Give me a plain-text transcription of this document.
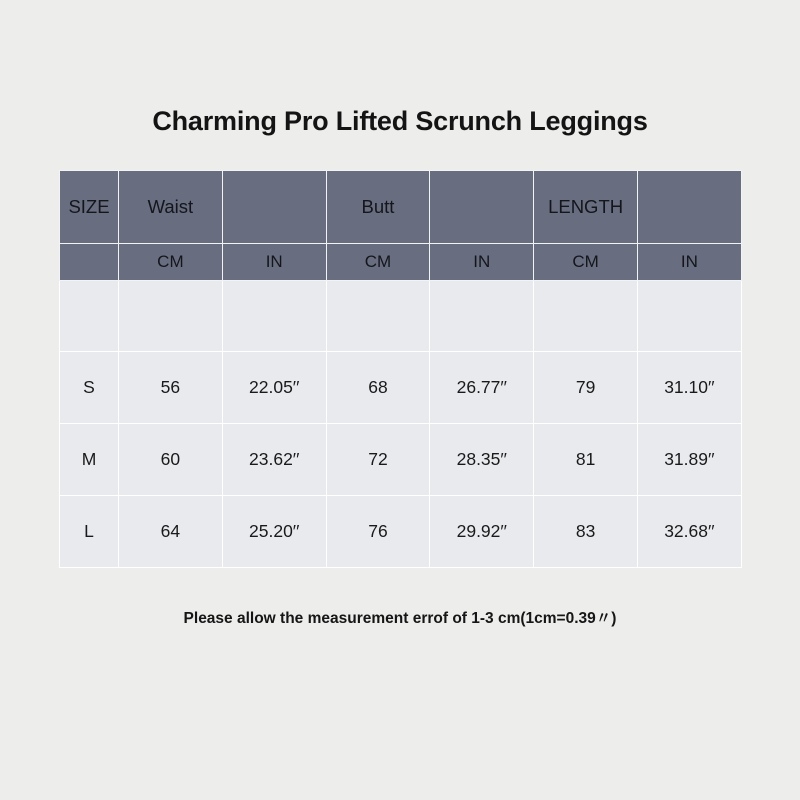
Charming Pro Lifted Scrunch Leggings
SIZE	Waist		Butt		LENGTH	
	CM	IN	CM	IN	CM	IN

S	56	22.05′′	68	26.77′′	79	31.10′′
M	60	23.62′′	72	28.35′′	81	31.89′′
L	64	25.20′′	76	29.92′′	83	32.68′′
Please allow the measurement errof of 1-3 cm(1cm=0.39〃)
